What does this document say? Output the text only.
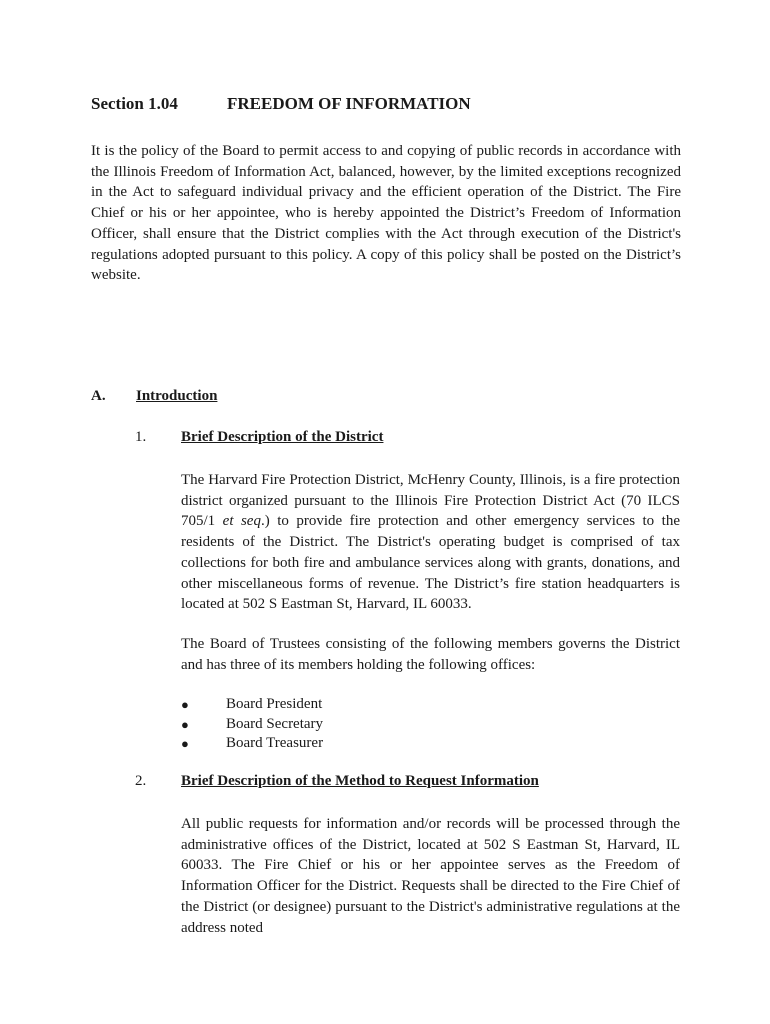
Section 1.04	FREEDOM OF INFORMATION

It is the policy of the Board to permit access to and copying of public records in accordance with the Illinois Freedom of Information Act, balanced, however, by the limited exceptions recognized in the Act to safeguard individual privacy and the efficient operation of the District. The Fire Chief or his or her appointee, who is hereby appointed the District’s Freedom of Information Officer, shall ensure that the District complies with the Act through execution of the District's regulations adopted pursuant to this policy. A copy of this policy shall be posted on the District’s website.

A. Introduction
1. Brief Description of the District

The Harvard Fire Protection District, McHenry County, Illinois, is a fire protection district organized pursuant to the Illinois Fire Protection District Act (70 ILCS 705/1 et seq.) to provide fire protection and other emergency services to the residents of the District. The District's operating budget is comprised of tax collections for both fire and ambulance services along with grants, donations, and other miscellaneous forms of revenue. The District’s fire station headquarters is located at 502 S Eastman St, Harvard, IL 60033.

The Board of Trustees consisting of the following members governs the District and has three of its members holding the following offices:

● Board President
● Board Secretary
● Board Treasurer
2. Brief Description of the Method to Request Information

All public requests for information and/or records will be processed through the administrative offices of the District, located at 502 S Eastman St, Harvard, IL 60033. The Fire Chief or his or her appointee serves as the Freedom of Information Officer for the District. Requests shall be directed to the Fire Chief of the District (or designee) pursuant to the District's administrative regulations at the address noted
